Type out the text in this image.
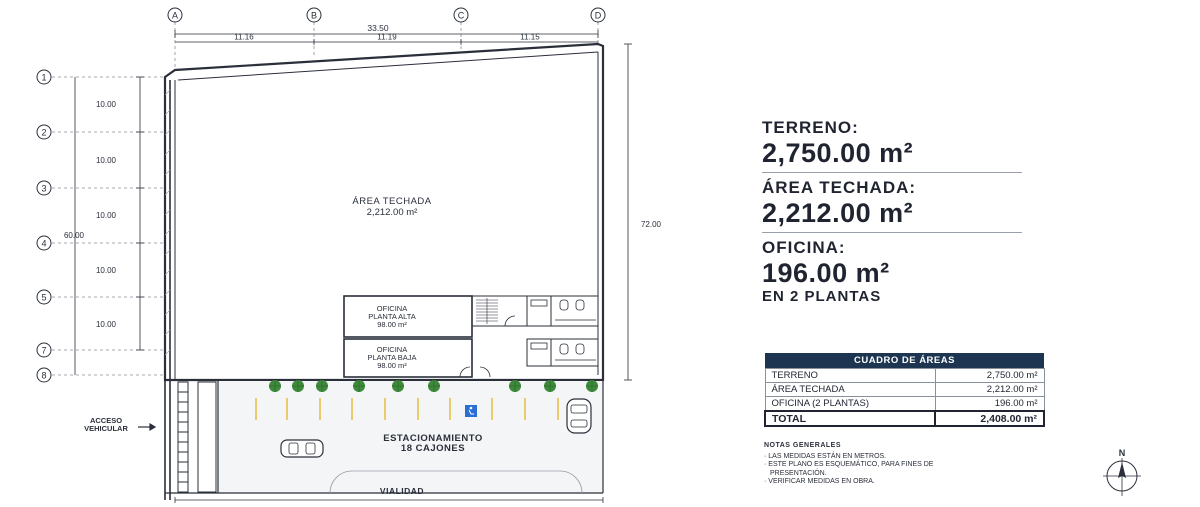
A	B	C	D
33.50
11.16	11.19	11.15
1
2
3
4
5
7
8
10.00
10.00
10.00
10.00
10.00
60.00
72.00
ÁREA TECHADA
2,212.00 m²
OFICINA
PLANTA ALTA
98.00 m²
OFICINA
PLANTA BAJA
98.00 m²
ESTACIONAMIENTO
18 CAJONES
ACCESO
VEHICULAR
VIALIDAD
N
TERRENO:
2,750.00 m²
ÁREA TECHADA:
2,212.00 m²
OFICINA:
196.00 m²
EN 2 PLANTAS
CUADRO DE ÁREAS	
TERRENO	2,750.00 m²
ÁREA TECHADA	2,212.00 m²
OFICINA (2 PLANTAS)	196.00 m²
TOTAL	2,408.00 m²
NOTAS GENERALES
· LAS MEDIDAS ESTÁN EN METROS.
· ESTE PLANO ES ESQUEMÁTICO, PARA FINES DE PRESENTACIÓN.
· VERIFICAR MEDIDAS EN OBRA.
